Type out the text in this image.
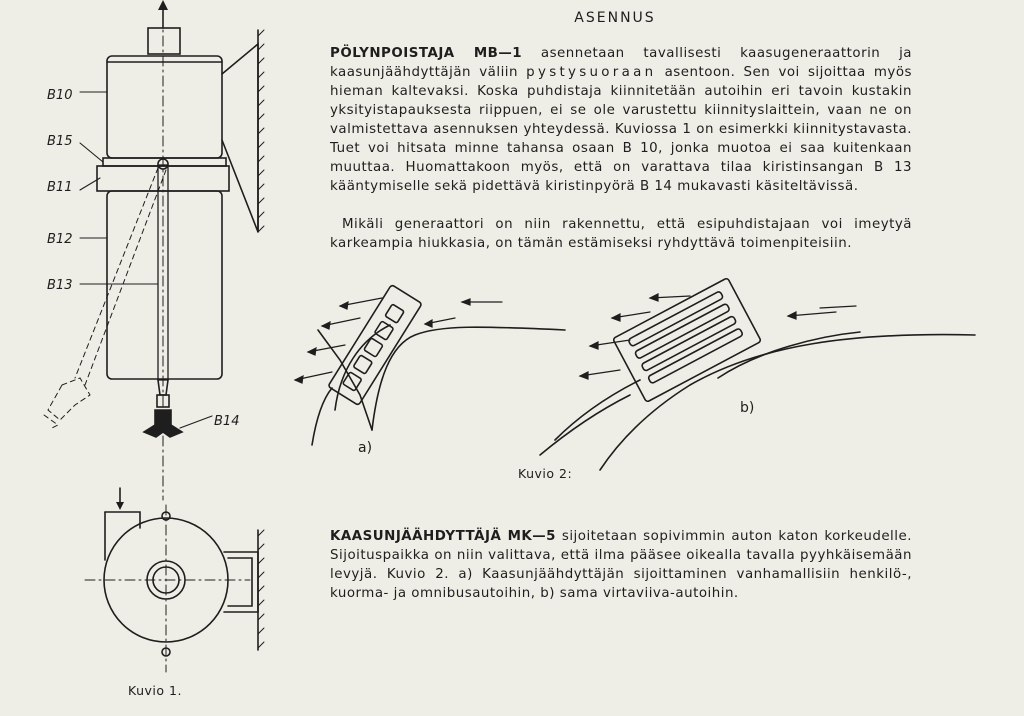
B10
B15
B11
B12
B13
B14
ASENNUS
PÖLYNPOISTAJA MB—1 asennetaan tavallisesti kaasugeneraattorin ja kaasunjäähdyttäjän väliin pystysuoraan asentoon. Sen voi sijoittaa myös hieman kaltevaksi. Koska puhdistaja kiinnitetään autoihin eri tavoin kustakin yksityistapauksesta riippuen, ei se ole varustettu kiinnityslaittein, vaan ne on valmistettava asennuksen yhteydessä. Kuviossa 1 on esimerkki kiinnitystavasta. Tuet voi hitsata minne tahansa osaan B 10, jonka muotoa ei saa kuitenkaan muuttaa. Huomattakoon myös, että on varattava tilaa kiristinsangan B 13 kääntymiselle sekä pidettävä kiristinpyörä B 14 mukavasti käsiteltävissä.
Mikäli generaattori on niin rakennettu, että esipuhdistajaan voi imeytyä karkeampia hiukkasia, on tämän estämiseksi ryhdyttävä toimenpiteisiin.
Kuvio 2:
a)
b)
KAASUNJÄÄHDYTTÄJÄ MK—5 sijoitetaan sopivimmin auton katon korkeudelle. Sijoituspaikka on niin valittava, että ilma pääsee oikealla tavalla pyyhkäisemään levyjä. Kuvio 2. a) Kaasunjäähdyttäjän sijoittaminen vanhamallisiin henkilö-, kuorma- ja omnibusautoihin, b) sama virtaviiva-autoihin.
Kuvio 1.
